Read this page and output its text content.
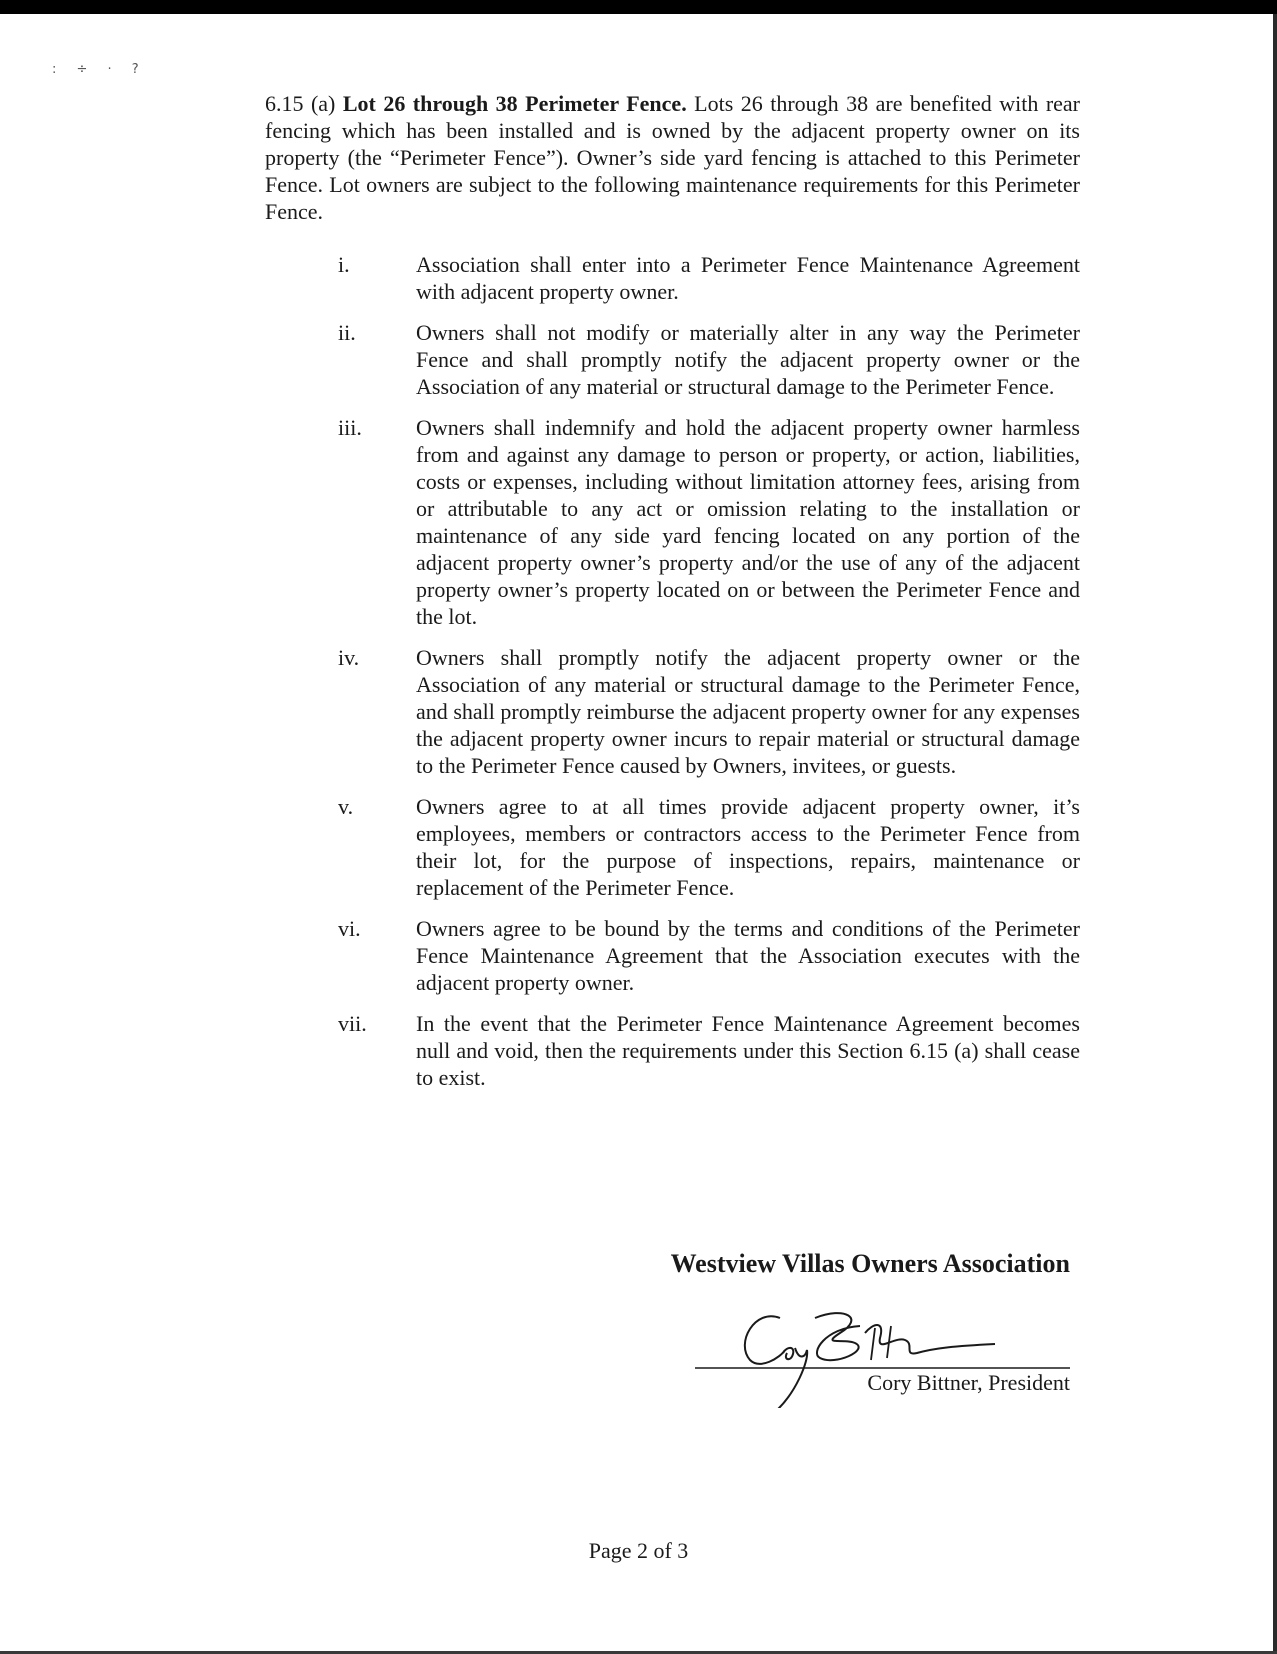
: ÷ · ?

6.15 (a) Lot 26 through 38 Perimeter Fence. Lots 26 through 38 are benefited with rear fencing which has been installed and is owned by the adjacent property owner on its property (the “Perimeter Fence”). Owner’s side yard fencing is attached to this Perimeter Fence. Lot owners are subject to the following maintenance requirements for this Perimeter Fence.

i.	Association shall enter into a Perimeter Fence Maintenance Agreement with adjacent property owner.
ii.	Owners shall not modify or materially alter in any way the Perimeter Fence and shall promptly notify the adjacent property owner or the Association of any material or structural damage to the Perimeter Fence.
iii.	Owners shall indemnify and hold the adjacent property owner harmless from and against any damage to person or property, or action, liabilities, costs or expenses, including without limitation attorney fees, arising from or attributable to any act or omission relating to the installation or maintenance of any side yard fencing located on any portion of the adjacent property owner’s property and/or the use of any of the adjacent property owner’s property located on or between the Perimeter Fence and the lot.
iv.	Owners shall promptly notify the adjacent property owner or the Association of any material or structural damage to the Perimeter Fence, and shall promptly reimburse the adjacent property owner for any expenses the adjacent property owner incurs to repair material or structural damage to the Perimeter Fence caused by Owners, invitees, or guests.
v.	Owners agree to at all times provide adjacent property owner, it’s employees, members or contractors access to the Perimeter Fence from their lot, for the purpose of inspections, repairs, maintenance or replacement of the Perimeter Fence.
vi.	Owners agree to be bound by the terms and conditions of the Perimeter Fence Maintenance Agreement that the Association executes with the adjacent property owner.
vii.	In the event that the Perimeter Fence Maintenance Agreement becomes null and void, then the requirements under this Section 6.15 (a) shall cease to exist.
Westview Villas Owners Association
Cory Bittner, President
Page 2 of 3
